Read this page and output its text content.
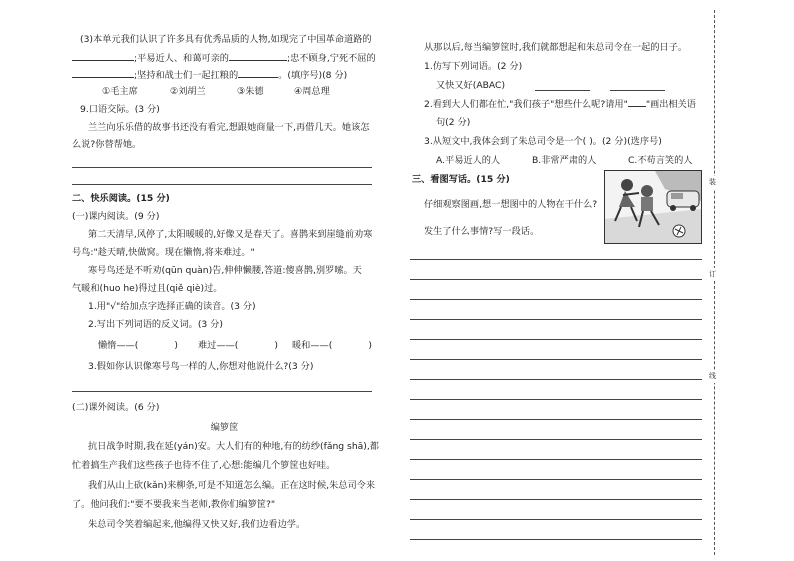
(3)本单元我们认识了许多具有优秀品质的人物,如现完了中国革命道路的
;平易近人、和蔼可亲的	;忠不顾身,宁死不屈的
;坚持和战士们一起扛粮的	。(填序号)(8 分)
①毛主席	②刘胡兰	③朱德	④周总理
9.口语交际。(3 分)
兰兰向乐乐借的故事书还没有看完,想跟她商量一下,再借几天。她该怎
么说?你替帮她。
二、快乐阅读。(15 分)
(一)课内阅读。(9 分)
第二天清早,风停了,太阳暖暖的,好像又是春天了。喜鹊来到崖缝前劝寒
号鸟:"趁天晴,快做窝。现在懒惰,将来难过。"
寒号鸟还是不听劝(qūn quàn)告,伸伸懒腰,答道:傻喜鹊,别罗嗦。天
气暖和(huo he)得过且(qiě qiè)过。
1.用"√"给加点字选择正确的读音。(3 分)
2.写出下列词语的反义词。(3 分)
懒惰——(	) 难过——(	) 暖和——(	)
3.假如你认识像寒号鸟一样的人,你想对他说什么?(3 分)
(二)课外阅读。(6 分)
编箩筐
抗日战争时期,我在延(yán)安。大人们有的种地,有的纺纱(fǎng shā),都
忙着搞生产我们这些孩子也待不住了,心想:能编几个箩筐也好哇。
我们从山上砍(kǎn)来柳条,可是不知道怎么编。正在这时候,朱总司令来
了。他问我们:"要不要我来当老师,教你们编箩筐?"
朱总司令笑着编起来,他编得又快又好,我们边看边学。
从那以后,每当编箩筐时,我们就都想起和朱总司令在一起的日子。
1.仿写下列词语。(2 分)
又快又好(ABAC)
2.看到大人们都在忙,"我们孩子"想些什么呢?请用" "画出相关语
句(2 分)
3.从短文中,我体会到了朱总司令是一个( )。(2 分)(选序号)
A.平易近人的人	B.非常严肃的人	C.不苟言笑的人
三、看图写话。(15 分)
仔细观察图画,想一想图中的人物在干什么?
发生了什么事情?写一段话。
装
订
线
